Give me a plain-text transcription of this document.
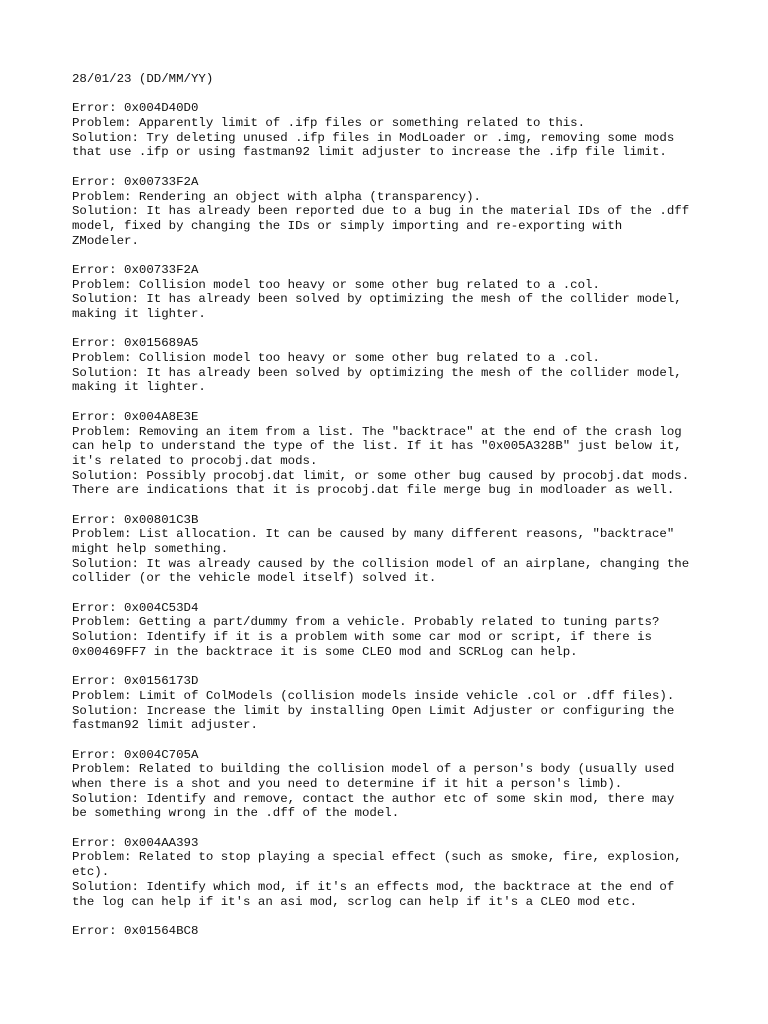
28/01/23 (DD/MM/YY)

Error: 0x004D40D0

Problem: Apparently limit of .ifp files or something related to this.

Solution: Try deleting unused .ifp files in ModLoader or .img, removing some mods

that use .ifp or using fastman92 limit adjuster to increase the .ifp file limit.

Error: 0x00733F2A

Problem: Rendering an object with alpha (transparency).

Solution: It has already been reported due to a bug in the material IDs of the .dff

model, fixed by changing the IDs or simply importing and re-exporting with

ZModeler.

Error: 0x00733F2A

Problem: Collision model too heavy or some other bug related to a .col.

Solution: It has already been solved by optimizing the mesh of the collider model,

making it lighter.

Error: 0x015689A5

Problem: Collision model too heavy or some other bug related to a .col.

Solution: It has already been solved by optimizing the mesh of the collider model,

making it lighter.

Error: 0x004A8E3E

Problem: Removing an item from a list. The "backtrace" at the end of the crash log

can help to understand the type of the list. If it has "0x005A328B" just below it,

it's related to procobj.dat mods.

Solution: Possibly procobj.dat limit, or some other bug caused by procobj.dat mods.

There are indications that it is procobj.dat file merge bug in modloader as well.

Error: 0x00801C3B

Problem: List allocation. It can be caused by many different reasons, "backtrace"

might help something.

Solution: It was already caused by the collision model of an airplane, changing the

collider (or the vehicle model itself) solved it.

Error: 0x004C53D4

Problem: Getting a part/dummy from a vehicle. Probably related to tuning parts?

Solution: Identify if it is a problem with some car mod or script, if there is

0x00469FF7 in the backtrace it is some CLEO mod and SCRLog can help.

Error: 0x0156173D

Problem: Limit of ColModels (collision models inside vehicle .col or .dff files).

Solution: Increase the limit by installing Open Limit Adjuster or configuring the

fastman92 limit adjuster.

Error: 0x004C705A

Problem: Related to building the collision model of a person's body (usually used

when there is a shot and you need to determine if it hit a person's limb).

Solution: Identify and remove, contact the author etc of some skin mod, there may

be something wrong in the .dff of the model.

Error: 0x004AA393

Problem: Related to stop playing a special effect (such as smoke, fire, explosion,

etc).

Solution: Identify which mod, if it's an effects mod, the backtrace at the end of

the log can help if it's an asi mod, scrlog can help if it's a CLEO mod etc.

Error: 0x01564BC8
